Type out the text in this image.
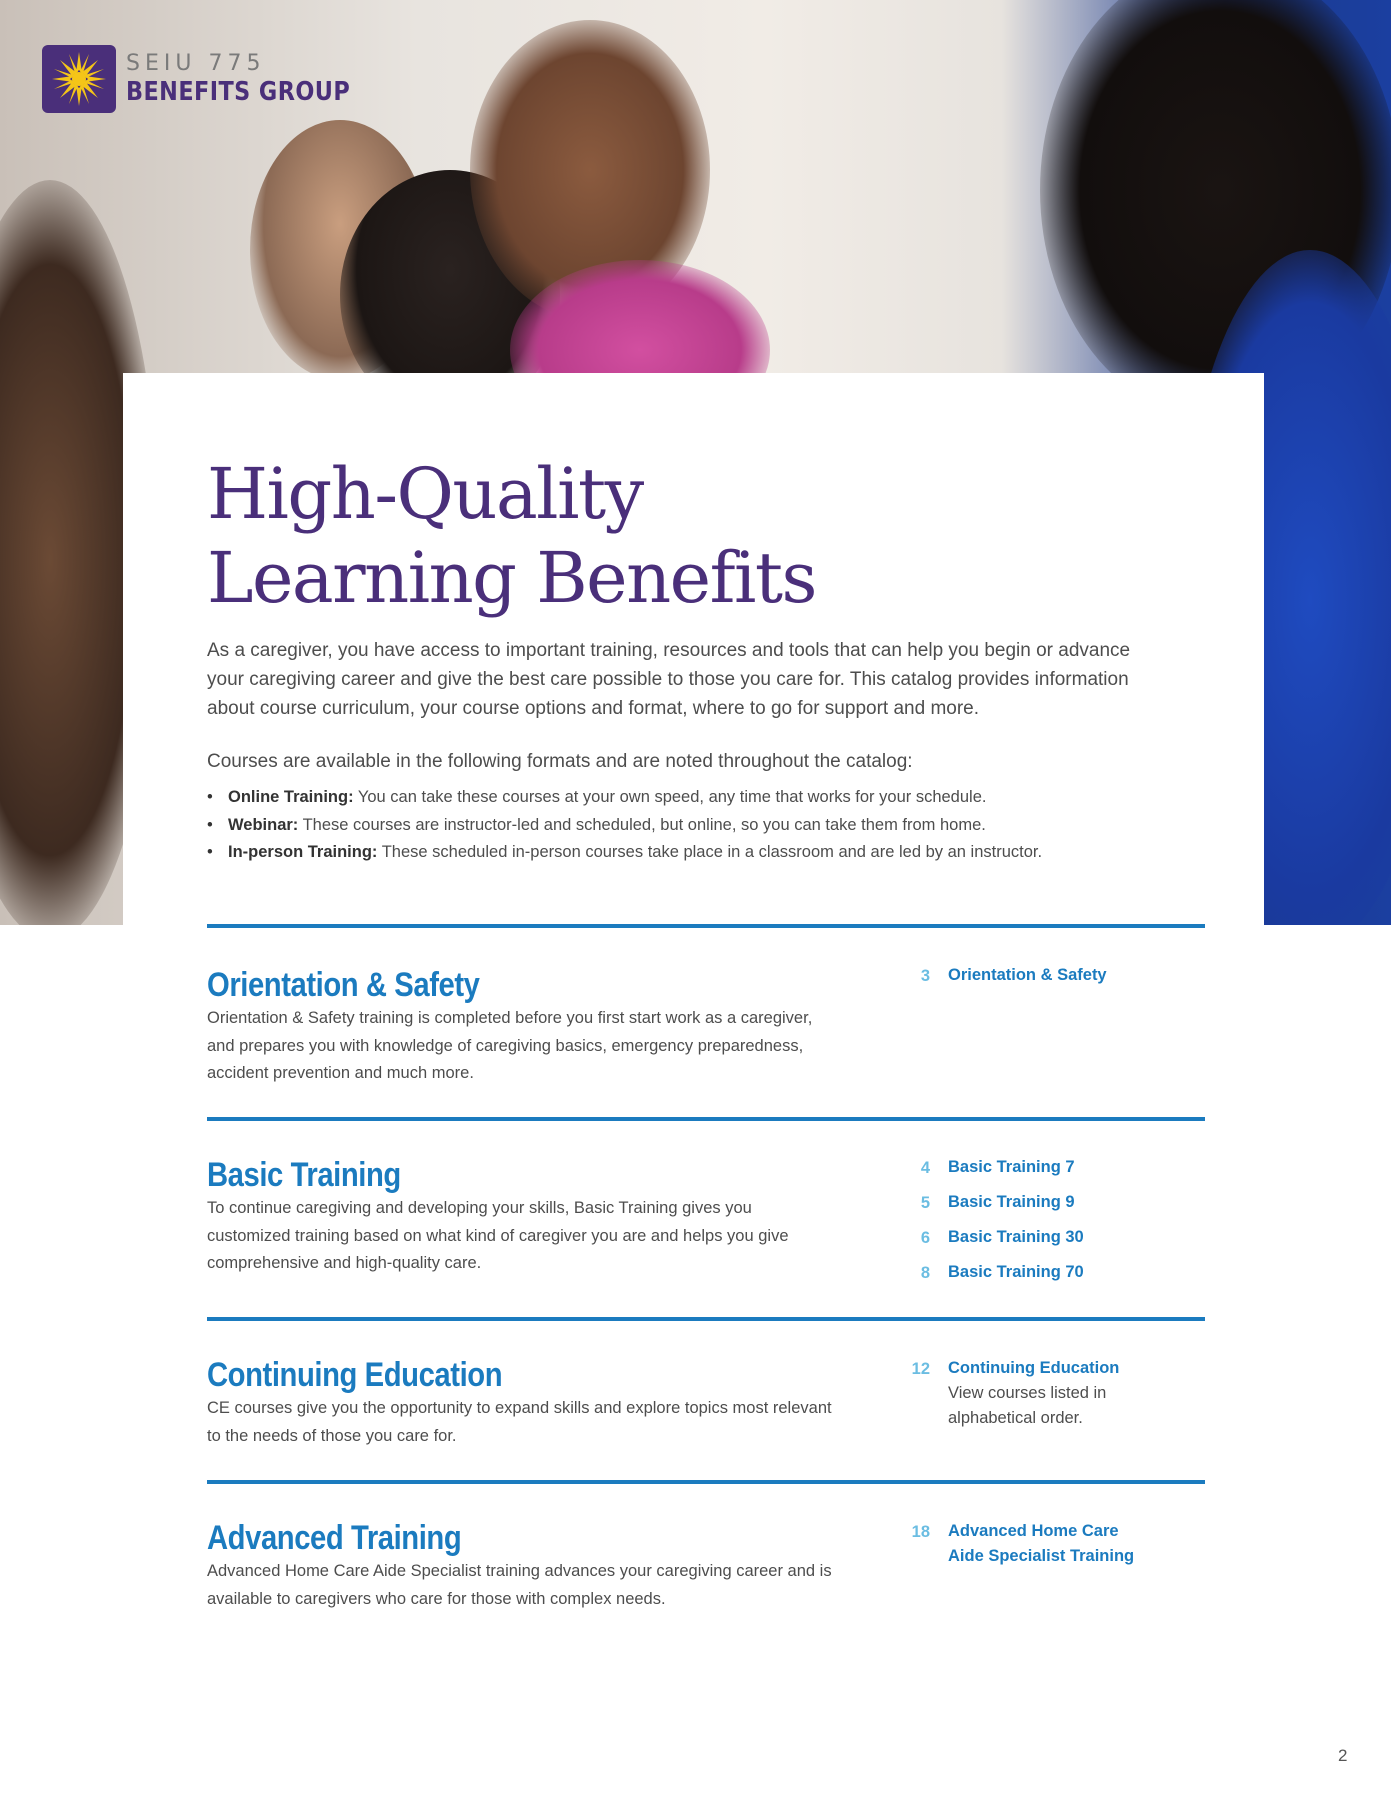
SEIU 775
BENEFITS GROUP
High-Quality
Learning Benefits

As a caregiver, you have access to important training, resources and tools that can help you begin or advance your caregiving career and give the best care possible to those you care for. This catalog provides information about course curriculum, your course options and format, where to go for support and more.

Courses are available in the following formats and are noted throughout the catalog:

• Online Training: You can take these courses at your own speed, any time that works for your schedule.
• Webinar: These courses are instructor-led and scheduled, but online, so you can take them from home.
• In-person Training: These scheduled in-person courses take place in a classroom and are led by an instructor.
Orientation & Safety

Orientation & Safety training is completed before you first start work as a caregiver, and prepares you with knowledge of caregiving basics, emergency preparedness, accident prevention and much more.

3 Orientation & Safety
Basic Training

To continue caregiving and developing your skills, Basic Training gives you customized training based on what kind of caregiver you are and helps you give comprehensive and high-quality care.

4 Basic Training 7
5 Basic Training 9
6 Basic Training 30
8 Basic Training 70
Continuing Education

CE courses give you the opportunity to expand skills and explore topics most relevant to the needs of those you care for.

12 Continuing Education
View courses listed in alphabetical order.
Advanced Training

Advanced Home Care Aide Specialist training advances your caregiving career and is available to caregivers who care for those with complex needs.

18 Advanced Home Care Aide Specialist Training
2
